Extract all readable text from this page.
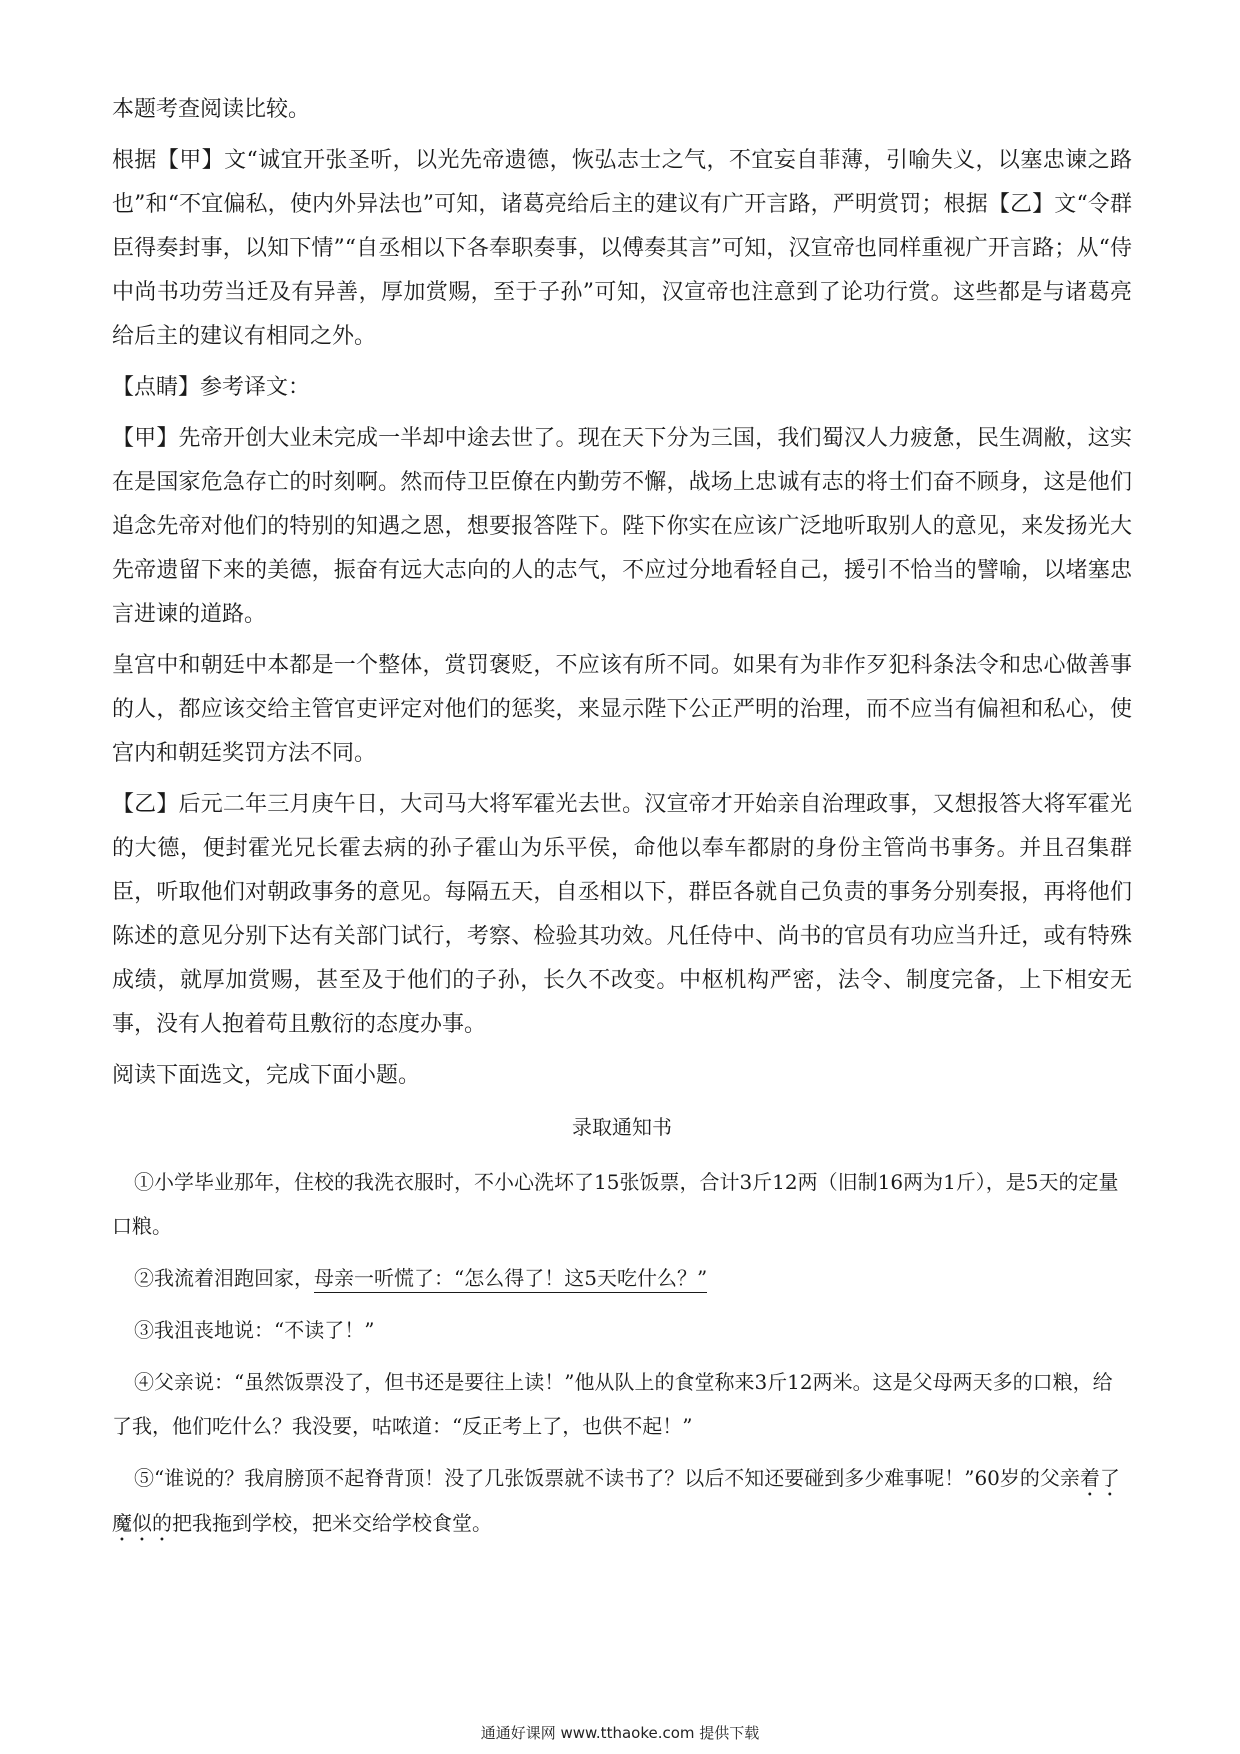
本题考查阅读比较。

根据【甲】文“诚宜开张圣听，以光先帝遗德，恢弘志士之气，不宜妄自菲薄，引喻失义，以塞忠谏之路也”和“不宜偏私，使内外异法也”可知，诸葛亮给后主的建议有广开言路，严明赏罚；根据【乙】文“令群臣得奏封事，以知下情”“自丞相以下各奉职奏事，以傅奏其言”可知，汉宣帝也同样重视广开言路；从“侍中尚书功劳当迁及有异善，厚加赏赐，至于子孙”可知，汉宣帝也注意到了论功行赏。这些都是与诸葛亮给后主的建议有相同之外。

【点睛】参考译文：

【甲】先帝开创大业未完成一半却中途去世了。现在天下分为三国，我们蜀汉人力疲惫，民生凋敝，这实在是国家危急存亡的时刻啊。然而侍卫臣僚在内勤劳不懈，战场上忠诚有志的将士们奋不顾身，这是他们追念先帝对他们的特别的知遇之恩，想要报答陛下。陛下你实在应该广泛地听取别人的意见，来发扬光大先帝遗留下来的美德，振奋有远大志向的人的志气，不应过分地看轻自己，援引不恰当的譬喻，以堵塞忠言进谏的道路。

皇宫中和朝廷中本都是一个整体，赏罚褒贬，不应该有所不同。如果有为非作歹犯科条法令和忠心做善事的人，都应该交给主管官吏评定对他们的惩奖，来显示陛下公正严明的治理，而不应当有偏袒和私心，使宫内和朝廷奖罚方法不同。

【乙】后元二年三月庚午日，大司马大将军霍光去世。汉宣帝才开始亲自治理政事，又想报答大将军霍光的大德，便封霍光兄长霍去病的孙子霍山为乐平侯，命他以奉车都尉的身份主管尚书事务。并且召集群臣，听取他们对朝政事务的意见。每隔五天，自丞相以下，群臣各就自己负责的事务分别奏报，再将他们陈述的意见分别下达有关部门试行，考察、检验其功效。凡任侍中、尚书的官员有功应当升迁，或有特殊成绩，就厚加赏赐，甚至及于他们的子孙，长久不改变。中枢机构严密，法令、制度完备，上下相安无事，没有人抱着苟且敷衍的态度办事。

阅读下面选文，完成下面小题。

录取通知书

①小学毕业那年，住校的我洗衣服时，不小心洗坏了15张饭票，合计3斤12两（旧制16两为1斤），是5天的定量口粮。

②我流着泪跑回家，母亲一听慌了：“怎么得了！这5天吃什么？”

③我沮丧地说：“不读了！”

④父亲说：“虽然饭票没了，但书还是要往上读！”他从队上的食堂称来3斤12两米。这是父母两天多的口粮，给了我，他们吃什么？我没要，咕哝道：“反正考上了，也供不起！”

⑤“谁说的？我肩膀顶不起脊背顶！没了几张饭票就不读书了？以后不知还要碰到多少难事呢！”60岁的父亲着了魔似的把我拖到学校，把米交给学校食堂。

通通好课网 www.tthaoke.com 提供下载
